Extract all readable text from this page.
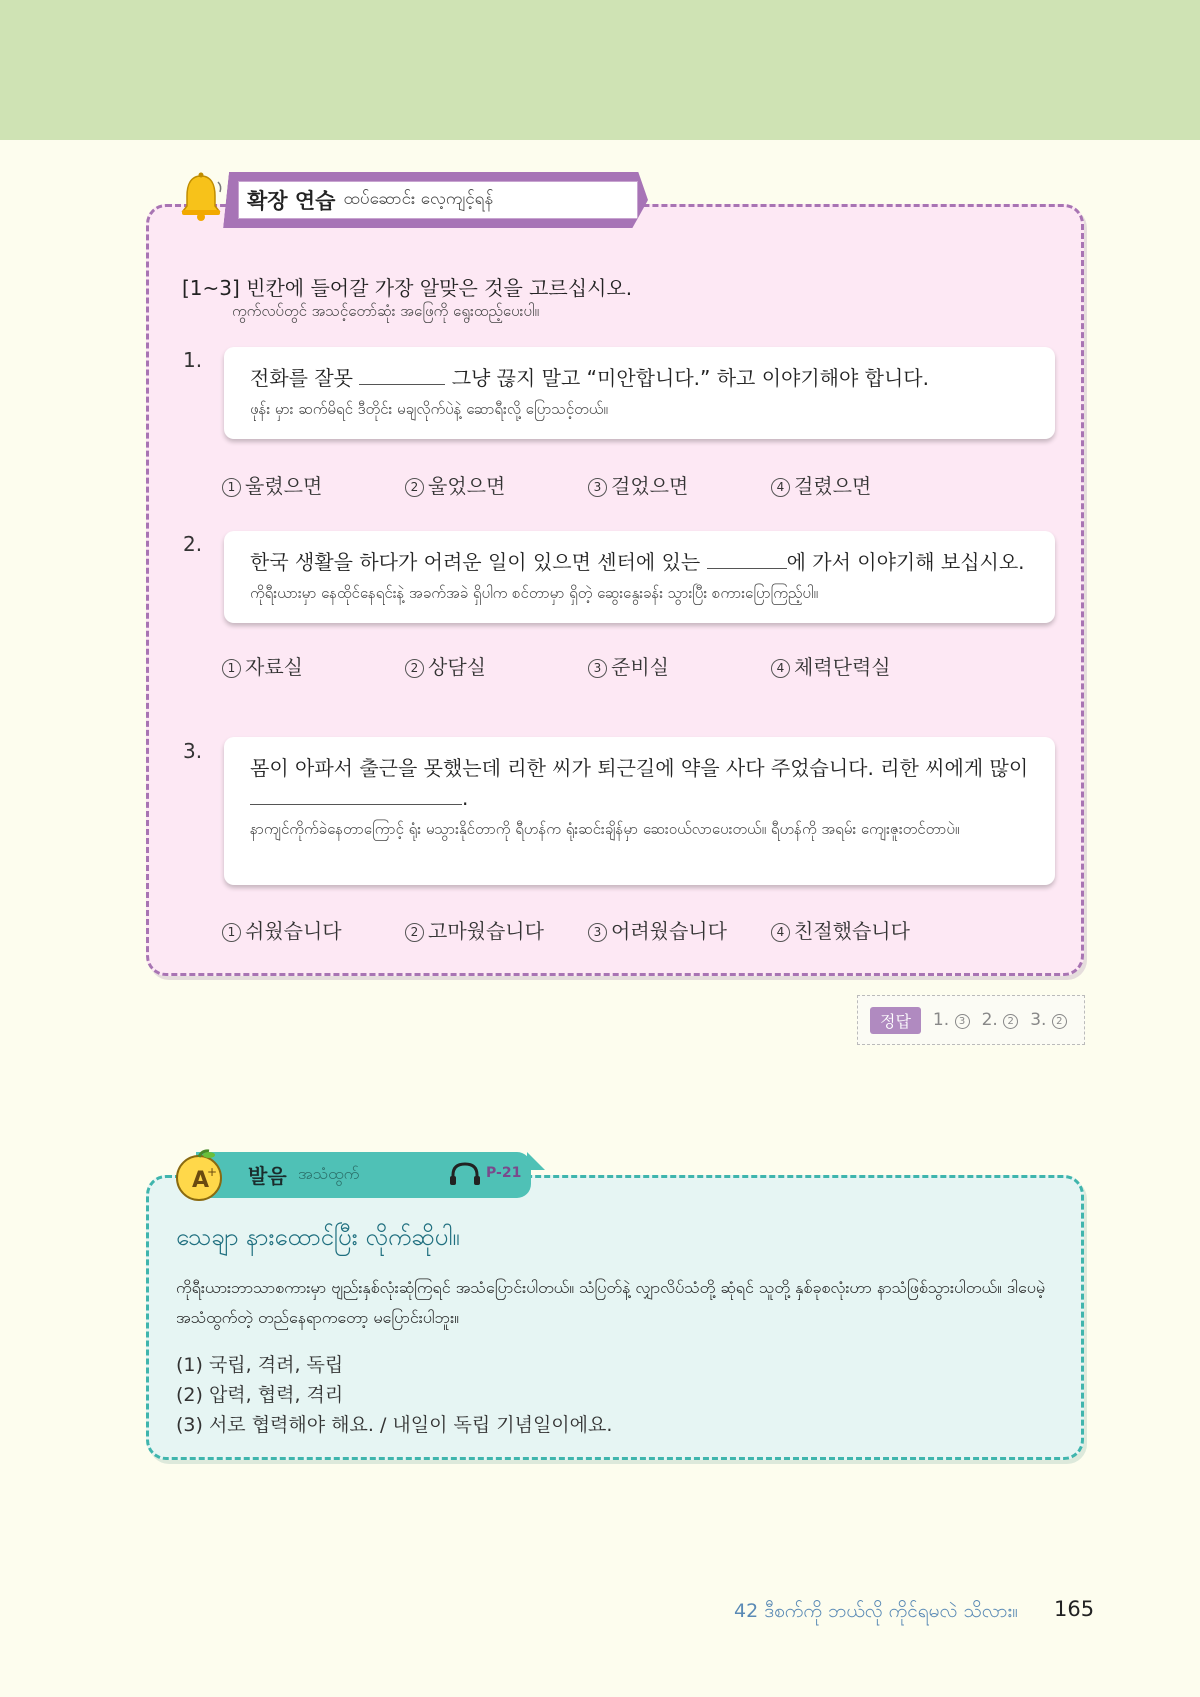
확장 연습 ထပ်ဆောင်း လေ့ကျင့်ရန်
[1~3] 빈칸에 들어갈 가장 알맞은 것을 고르십시오.
ကွက်လပ်တွင် အသင့်တော်ဆုံး အဖြေကို ရွေးထည့်ပေးပါ။
1.
전화를 잘못	그냥 끊지 말고 “미안합니다.” 하고 이야기해야 합니다.
ဖုန်း မှား ဆက်မိရင် ဒီတိုင်း မချလိုက်ပဲနဲ့ ဆောရီးလို့ ပြောသင့်တယ်။
1 울렸으면	2 울었으면	3 걸었으면	4 걸렸으면
2.
한국 생활을 하다가 어려운 일이 있으면 센터에 있는	에 가서 이야기해 보십시오.
ကိုရီးယားမှာ နေထိုင်နေရင်းနဲ့ အခက်အခဲ ရှိပါက စင်တာမှာ ရှိတဲ့ ဆွေးနွေးခန်း သွားပြီး စကားပြောကြည့်ပါ။
1 자료실	2 상담실	3 준비실	4 체력단력실
3.
몸이 아파서 출근을 못했는데 리한 씨가 퇴근길에 약을 사다 주었습니다. 리한 씨에게 많이
.
နာကျင်ကိုက်ခဲနေတာကြောင့် ရုံး မသွားနိုင်တာကို ရီဟန်က ရုံးဆင်းချိန်မှာ ဆေးဝယ်လာပေးတယ်။ ရီဟန်ကို အရမ်း ကျေးဇူးတင်တာပဲ။
1 쉬웠습니다	2 고마웠습니다	3 어려웠습니다	4 친절했습니다
정답	1. 3 2. 2 3. 2
A
+ 발음 အသံထွက်	P-21
သေချာ နားထောင်ပြီး လိုက်ဆိုပါ။
ကိုရီးယားဘာသာစကားမှာ ဗျည်းနှစ်လုံးဆုံကြရင် အသံပြောင်းပါတယ်။ သံပြတ်နဲ့ လျှာလိပ်သံတို့ ဆုံရင် သူတို့ နှစ်ခုစလုံးဟာ နာသံဖြစ်သွားပါတယ်။ ဒါပေမဲ့ အသံထွက်တဲ့ တည်နေရာကတော့ မပြောင်းပါဘူး။
(1) 국립, 격려, 독립
(2) 압력, 협력, 격리
(3) 서로 협력해야 해요. / 내일이 독립 기념일이에요.
42 ဒီစက်ကို ဘယ်လို ကိုင်ရမလဲ သိလား။ 165
